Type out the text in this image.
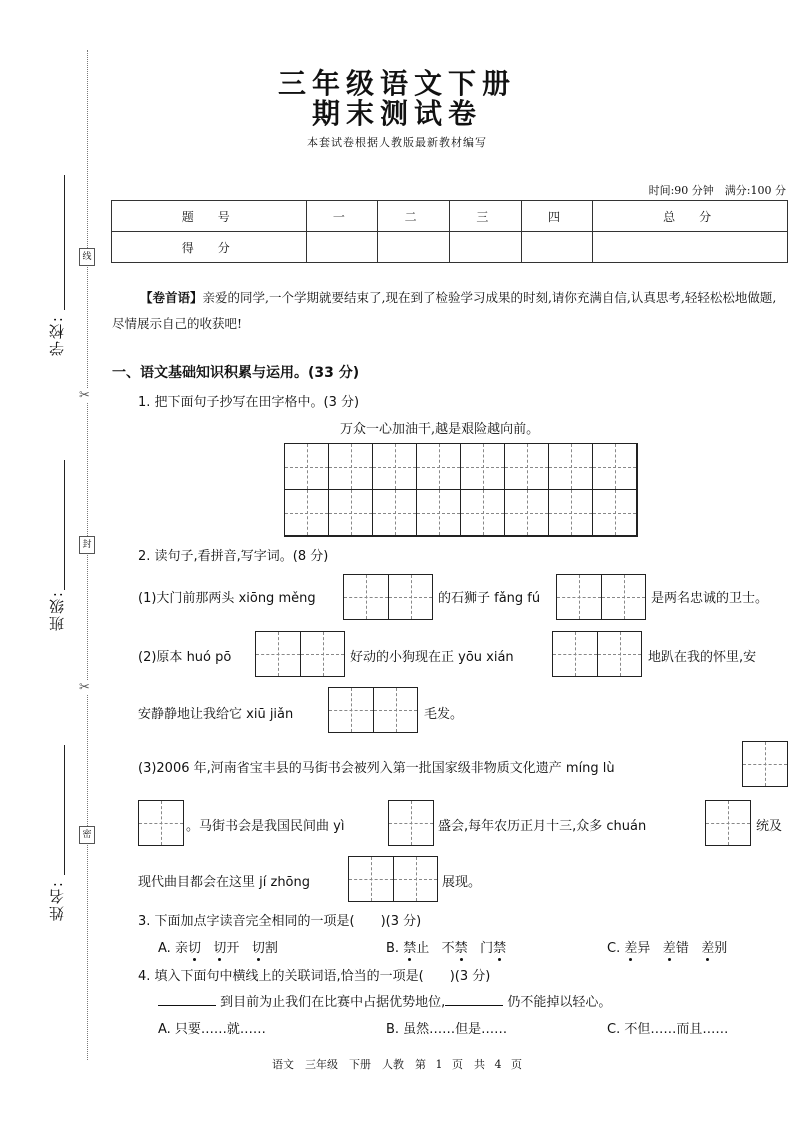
学校:
班级:
姓名:
线
封
密
✂
✂
三年级语文下册
期末测试卷
本套试卷根据人教版最新教材编写
时间:90 分钟　满分:100 分
题　号	一	二	三	四	总　分
得　分					
【卷首语】亲爱的同学,一个学期就要结束了,现在到了检验学习成果的时刻,请你充满自信,认真思考,轻轻松松地做题,尽情展示自己的收获吧!
一、语文基础知识积累与运用。(33 分)
1. 把下面句子抄写在田字格中。(3 分)
万众一心加油干,越是艰险越向前。
2. 读句子,看拼音,写字词。(8 分)
(1)大门前那两头 xiōng měng	的石狮子 fǎng fú	是两名忠诚的卫士。
(2)原本 huó pō	好动的小狗现在正 yōu xián	地趴在我的怀里,安
安静静地让我给它 xiū jiǎn	毛发。
(3)2006 年,河南省宝丰县的马街书会被列入第一批国家级非物质文化遗产 míng lù
。马街书会是我国民间曲 yì	盛会,每年农历正月十三,众多 chuán	统及
现代曲目都会在这里 jí zhōng	展现。
3. 下面加点字读音完全相同的一项是(　　)(3 分)
A. 亲切 切开 切割	B. 禁止 不禁 门禁	C. 差异 差错 差别
4. 填入下面句中横线上的关联词语,恰当的一项是(　　)(3 分)
到目前为止我们在比赛中占据优势地位,	仍不能掉以轻心。
A. 只要……就……	B. 虽然……但是……	C. 不但……而且……
语文　三年级　下册　人教　第 1 页　共 4 页
